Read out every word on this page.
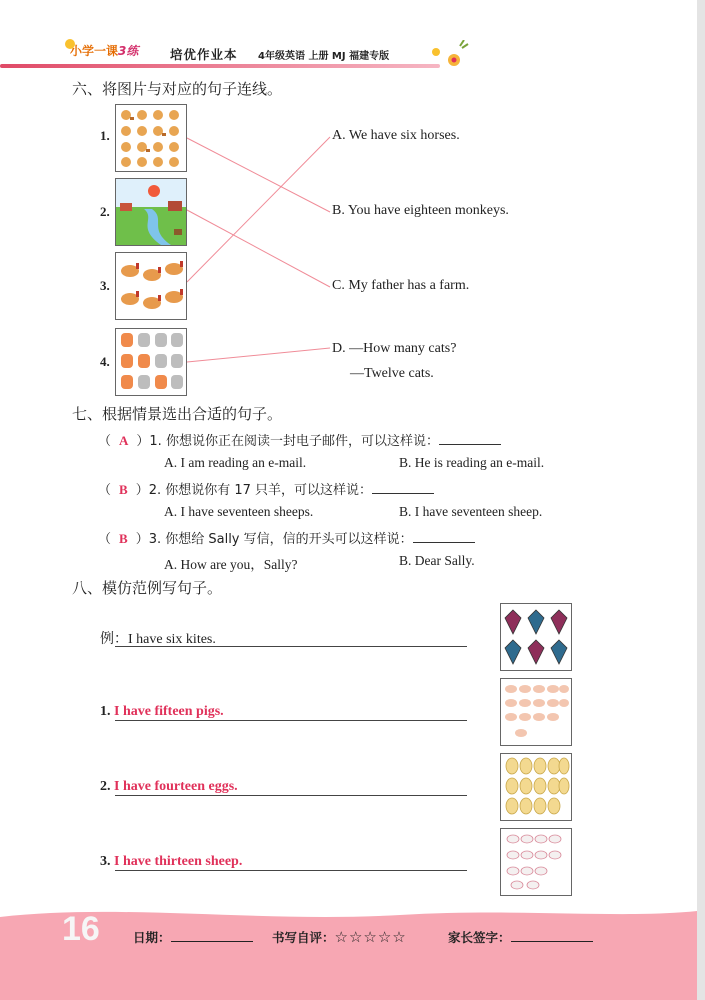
小学一课3练	培优作业本 4年级英语 上册 MJ 福建专版
六、将图片与对应的句子连线。
1.
2.
3.
4.
A. We have six horses.
B. You have eighteen monkeys.
C. My father has a farm.
D. —How many cats?
—Twelve cats.
七、根据情景选出合适的句子。
（ A ）1. 你想说你正在阅读一封电子邮件，可以这样说：
A. I am reading an e-mail.	B. He is reading an e-mail.
（ B ）2. 你想说你有 17 只羊，可以这样说：
A. I have seventeen sheeps.	B. I have seventeen sheep.
（ B ）3. 你想给 Sally 写信，信的开头可以这样说：
A. How are you，Sally?	B. Dear Sally.
八、模仿范例写句子。
例：I have six kites.
1. I have fifteen pigs.
2. I have fourteen eggs.
3. I have thirteen sheep.
16	日期：	书写自评：☆☆☆☆☆	家长签字：
